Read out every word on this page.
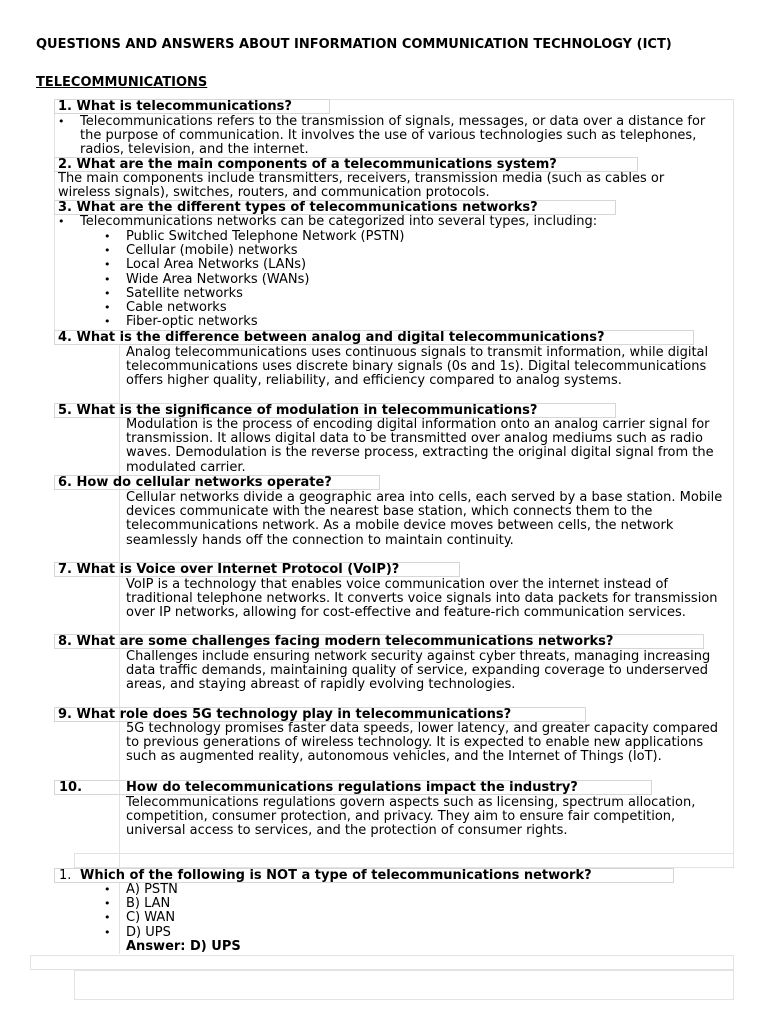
QUESTIONS AND ANSWERS ABOUT INFORMATION COMMUNICATION TECHNOLOGY (ICT)
TELECOMMUNICATIONS
1. What is telecommunications?
Telecommunications refers to the transmission of signals, messages, or data over a distance for the purpose of communication. It involves the use of various technologies such as telephones, radios, television, and the internet.
2. What are the main components of a telecommunications system?
The main components include transmitters, receivers, transmission media (such as cables or wireless signals), switches, routers, and communication protocols.
3. What are the different types of telecommunications networks?
Telecommunications networks can be categorized into several types, including:
Public Switched Telephone Network (PSTN)
Cellular (mobile) networks
Local Area Networks (LANs)
Wide Area Networks (WANs)
Satellite networks
Cable networks
Fiber-optic networks
4. What is the difference between analog and digital telecommunications?
Analog telecommunications uses continuous signals to transmit information, while digital telecommunications uses discrete binary signals (0s and 1s). Digital telecommunications offers higher quality, reliability, and efficiency compared to analog systems.
5. What is the significance of modulation in telecommunications?
Modulation is the process of encoding digital information onto an analog carrier signal for transmission. It allows digital data to be transmitted over analog mediums such as radio waves. Demodulation is the reverse process, extracting the original digital signal from the modulated carrier.
6. How do cellular networks operate?
Cellular networks divide a geographic area into cells, each served by a base station. Mobile devices communicate with the nearest base station, which connects them to the telecommunications network. As a mobile device moves between cells, the network seamlessly hands off the connection to maintain continuity.
7. What is Voice over Internet Protocol (VoIP)?
VoIP is a technology that enables voice communication over the internet instead of traditional telephone networks. It converts voice signals into data packets for transmission over IP networks, allowing for cost-effective and feature-rich communication services.
8. What are some challenges facing modern telecommunications networks?
Challenges include ensuring network security against cyber threats, managing increasing data traffic demands, maintaining quality of service, expanding coverage to underserved areas, and staying abreast of rapidly evolving technologies.
9. What role does 5G technology play in telecommunications?
5G technology promises faster data speeds, lower latency, and greater capacity compared to previous generations of wireless technology. It is expected to enable new applications such as augmented reality, autonomous vehicles, and the Internet of Things (IoT).
10.	How do telecommunications regulations impact the industry?
Telecommunications regulations govern aspects such as licensing, spectrum allocation, competition, consumer protection, and privacy. They aim to ensure fair competition, universal access to services, and the protection of consumer rights.
1. Which of the following is NOT a type of telecommunications network?
A) PSTN
B) LAN
C) WAN
D) UPS
Answer: D) UPS
